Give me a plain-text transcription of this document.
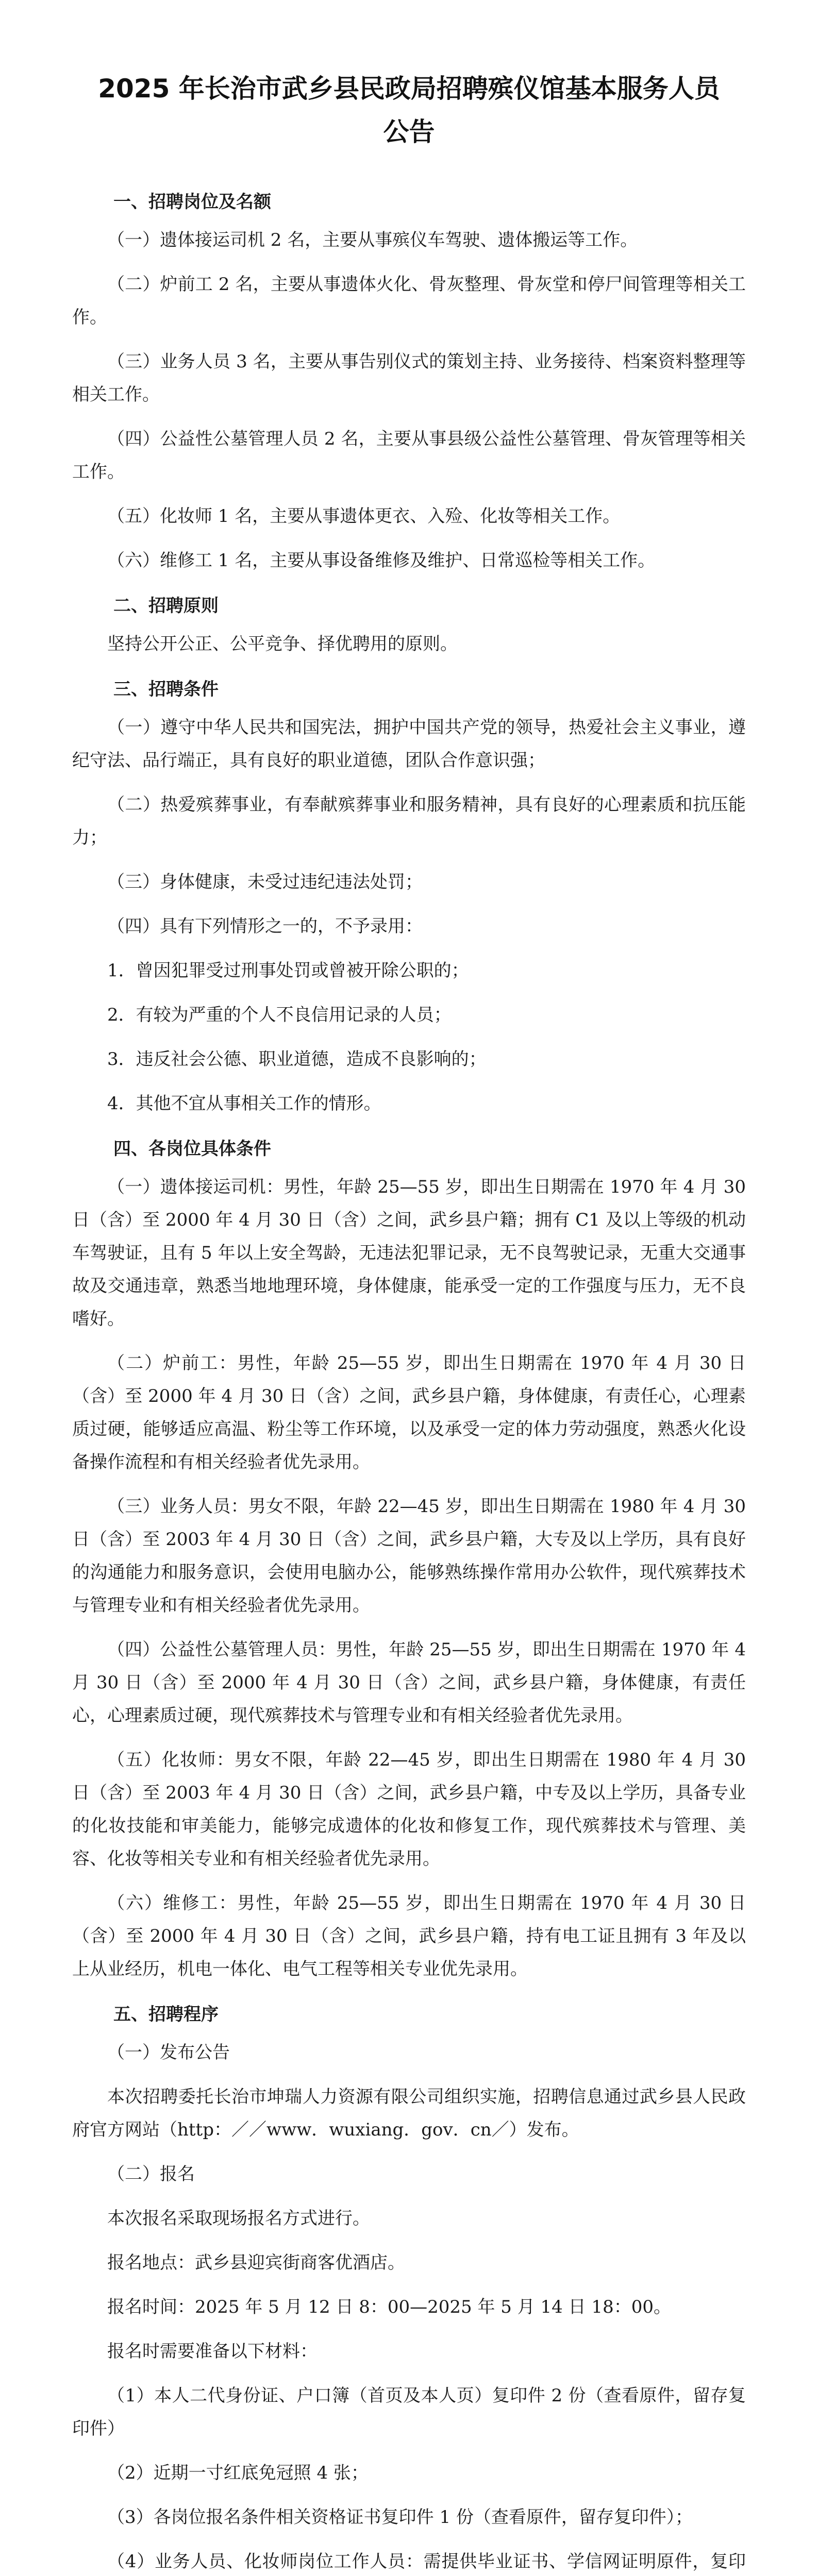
2025 年长治市武乡县民政局招聘殡仪馆基本服务人员公告
一、招聘岗位及名额
（一）遗体接运司机 2 名，主要从事殡仪车驾驶、遗体搬运等工作。
（二）炉前工 2 名，主要从事遗体火化、骨灰整理、骨灰堂和停尸间管理等相关工作。
（三）业务人员 3 名，主要从事告别仪式的策划主持、业务接待、档案资料整理等相关工作。
（四）公益性公墓管理人员 2 名，主要从事县级公益性公墓管理、骨灰管理等相关工作。
（五）化妆师 1 名，主要从事遗体更衣、入殓、化妆等相关工作。
（六）维修工 1 名，主要从事设备维修及维护、日常巡检等相关工作。
二、招聘原则
坚持公开公正、公平竞争、择优聘用的原则。
三、招聘条件
（一）遵守中华人民共和国宪法，拥护中国共产党的领导，热爱社会主义事业，遵纪守法、品行端正，具有良好的职业道德，团队合作意识强；
（二）热爱殡葬事业，有奉献殡葬事业和服务精神，具有良好的心理素质和抗压能力；
（三）身体健康，未受过违纪违法处罚；
（四）具有下列情形之一的，不予录用：
1．曾因犯罪受过刑事处罚或曾被开除公职的；
2．有较为严重的个人不良信用记录的人员；
3．违反社会公德、职业道德，造成不良影响的；
4．其他不宜从事相关工作的情形。
四、各岗位具体条件
（一）遗体接运司机：男性，年龄 25—55 岁，即出生日期需在 1970 年 4 月 30 日（含）至 2000 年 4 月 30 日（含）之间，武乡县户籍；拥有 C1 及以上等级的机动车驾驶证，且有 5 年以上安全驾龄，无违法犯罪记录，无不良驾驶记录，无重大交通事故及交通违章，熟悉当地地理环境，身体健康，能承受一定的工作强度与压力，无不良嗜好。
（二）炉前工：男性，年龄 25—55 岁，即出生日期需在 1970 年 4 月 30 日（含）至 2000 年 4 月 30 日（含）之间，武乡县户籍，身体健康，有责任心，心理素质过硬，能够适应高温、粉尘等工作环境，以及承受一定的体力劳动强度，熟悉火化设备操作流程和有相关经验者优先录用。
（三）业务人员：男女不限，年龄 22—45 岁，即出生日期需在 1980 年 4 月 30 日（含）至 2003 年 4 月 30 日（含）之间，武乡县户籍，大专及以上学历，具有良好的沟通能力和服务意识，会使用电脑办公，能够熟练操作常用办公软件，现代殡葬技术与管理专业和有相关经验者优先录用。
（四）公益性公墓管理人员：男性，年龄 25—55 岁，即出生日期需在 1970 年 4 月 30 日（含）至 2000 年 4 月 30 日（含）之间，武乡县户籍，身体健康，有责任心，心理素质过硬，现代殡葬技术与管理专业和有相关经验者优先录用。
（五）化妆师：男女不限，年龄 22—45 岁，即出生日期需在 1980 年 4 月 30 日（含）至 2003 年 4 月 30 日（含）之间，武乡县户籍，中专及以上学历，具备专业的化妆技能和审美能力，能够完成遗体的化妆和修复工作，现代殡葬技术与管理、美容、化妆等相关专业和有相关经验者优先录用。
（六）维修工：男性，年龄 25—55 岁，即出生日期需在 1970 年 4 月 30 日（含）至 2000 年 4 月 30 日（含）之间，武乡县户籍，持有电工证且拥有 3 年及以上从业经历，机电一体化、电气工程等相关专业优先录用。
五、招聘程序
（一）发布公告
本次招聘委托长治市坤瑞人力资源有限公司组织实施，招聘信息通过武乡县人民政府官方网站（http：／／www．wuxiang．gov．cn／）发布。
（二）报名
本次报名采取现场报名方式进行。
报名地点：武乡县迎宾街商客优酒店。
报名时间：2025 年 5 月 12 日 8：00—2025 年 5 月 14 日 18：00。
报名时需要准备以下材料：
（1）本人二代身份证、户口簿（首页及本人页）复印件 2 份（查看原件，留存复印件）
（2）近期一寸红底免冠照 4 张；
（3）各岗位报名条件相关资格证书复印件 1 份（查看原件，留存复印件）；
（4）业务人员、化妆师岗位工作人员：需提供毕业证书、学信网证明原件，复印
